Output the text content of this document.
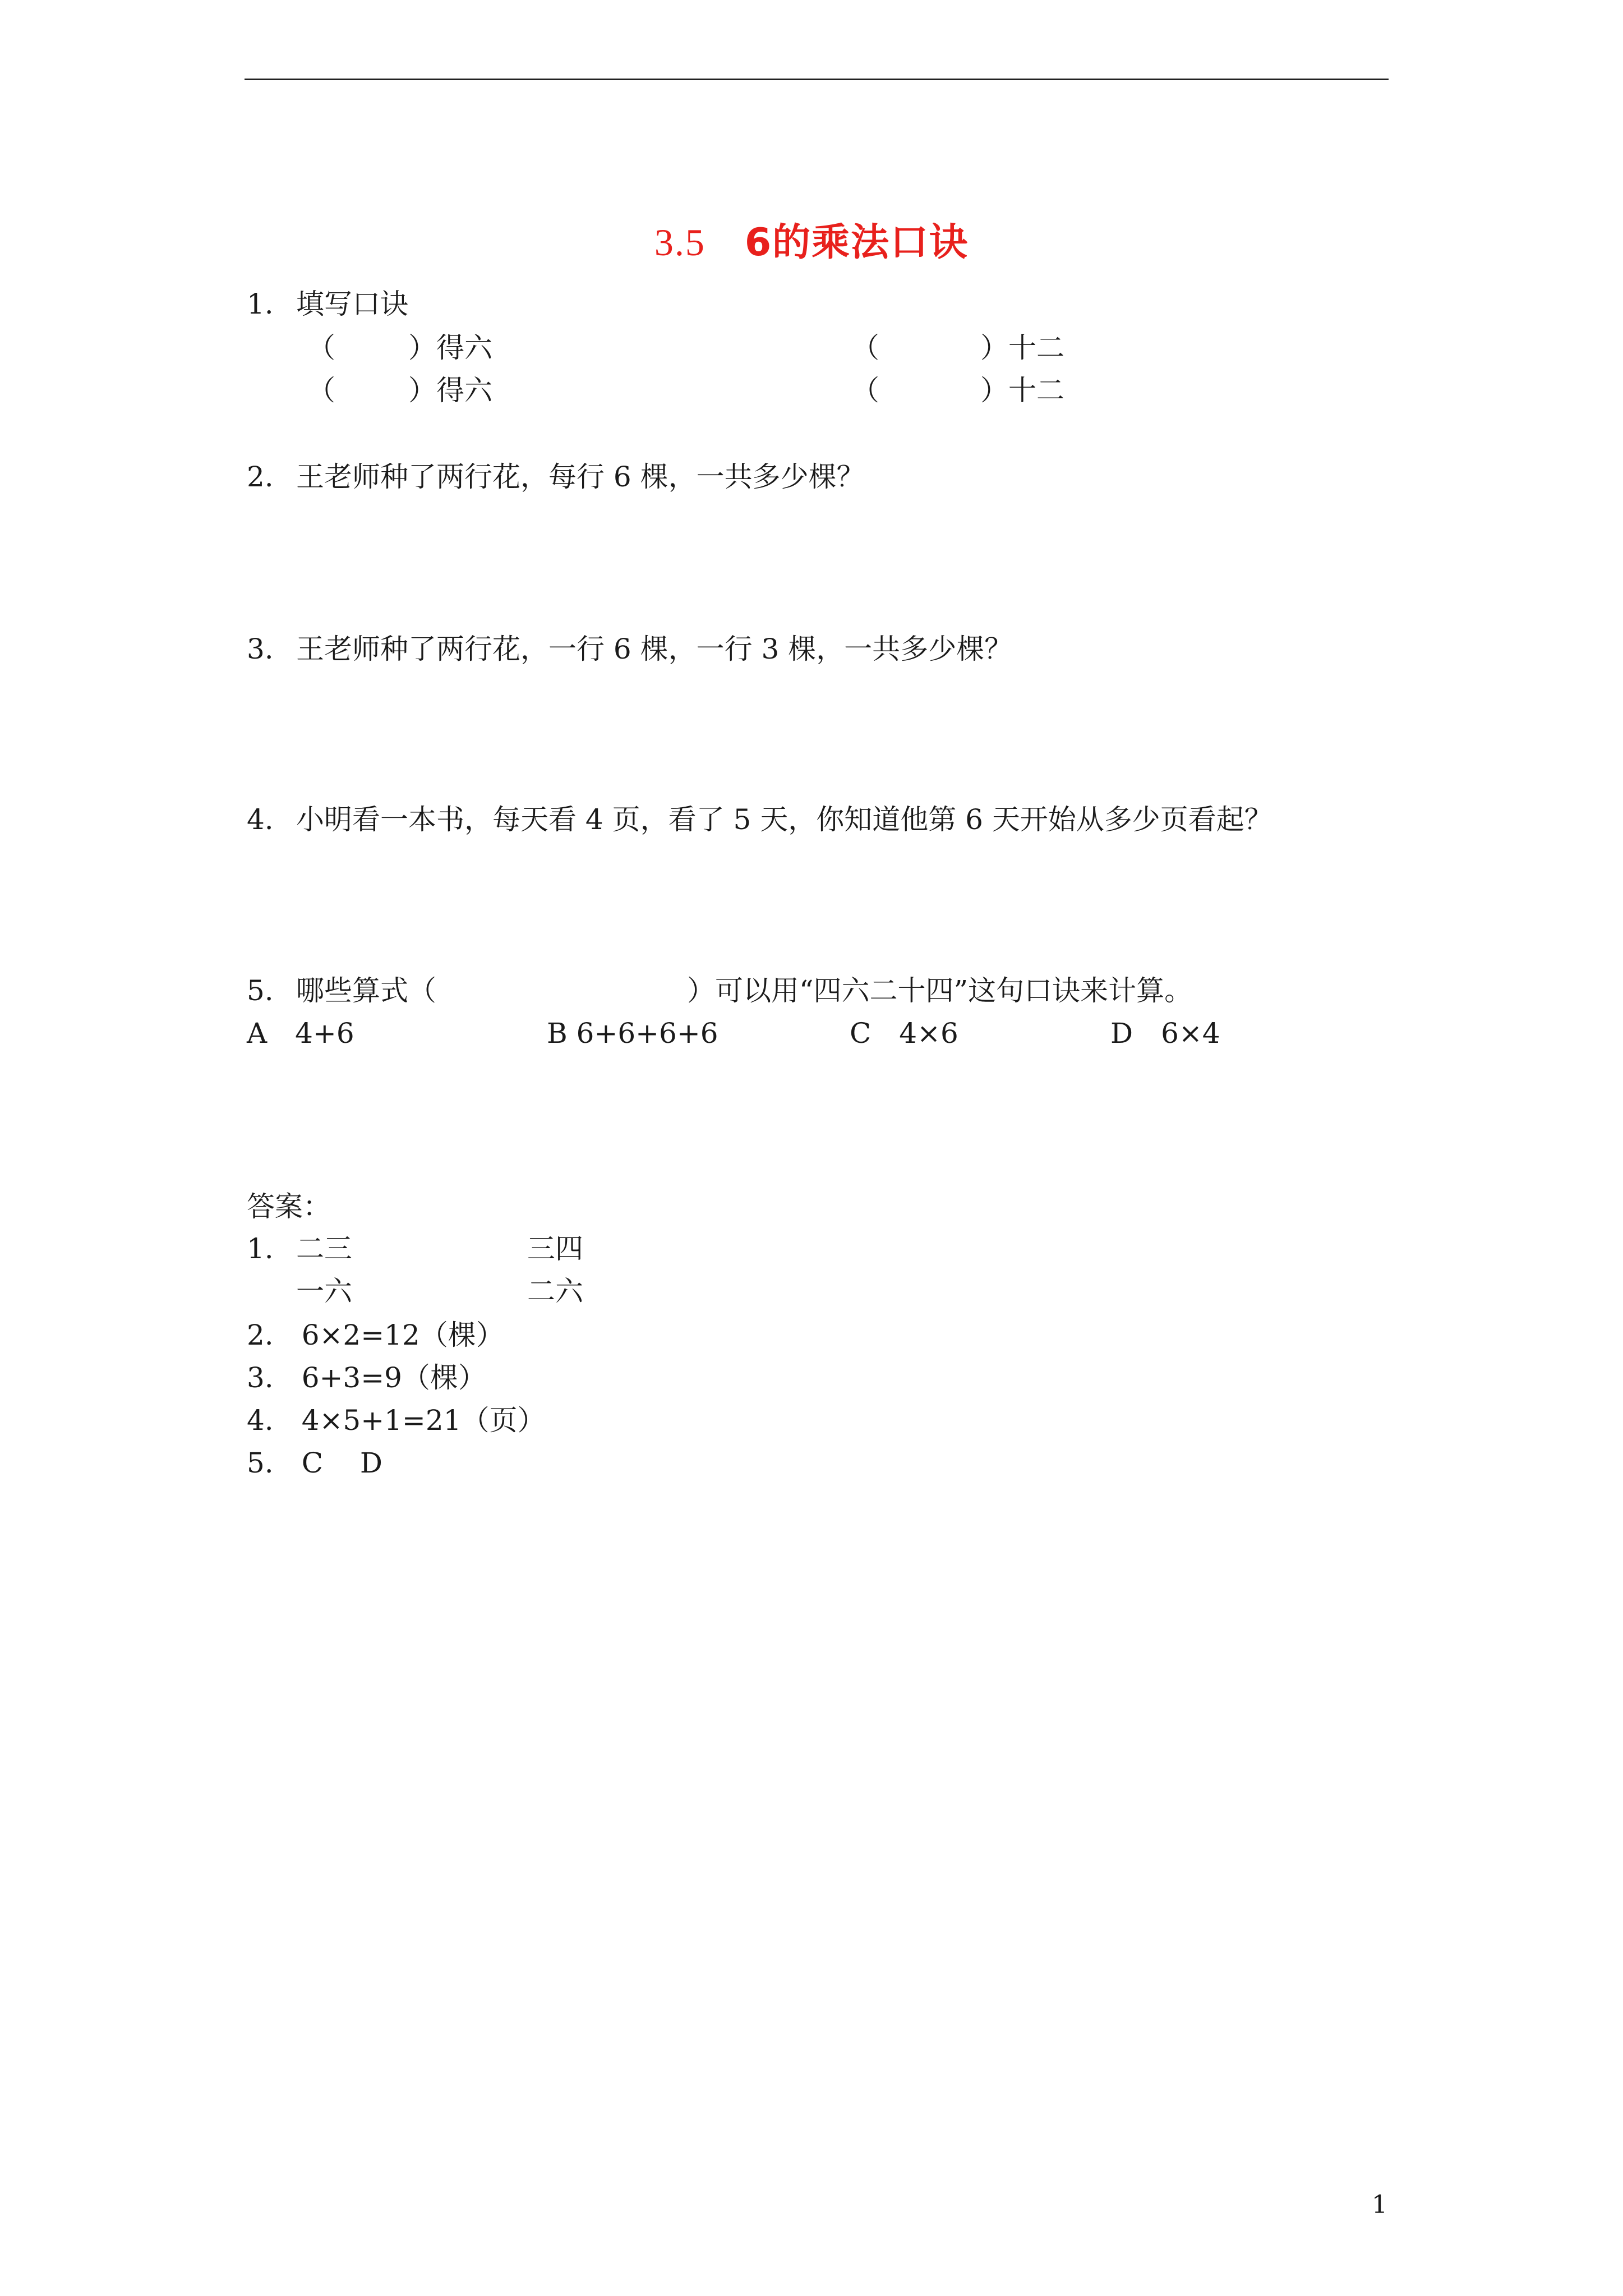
3.5 6的乘法口诀
1. 填写口诀
（	）得六	（	）十二
（	）得六	（	）十二
2. 王老师种了两行花，每行 6 棵，一共多少棵？
3. 王老师种了两行花，一行 6 棵，一行 3 棵，一共多少棵？
4. 小明看一本书，每天看 4 页，看了 5 天，你知道他第 6 天开始从多少页看起？
5. 哪些算式（	）可以用“四六二十四”这句口诀来计算。
A　4+6	B 6+6+6+6	C　4×6	D　6×4
答案：
1. 二三	三四
一六	二六
2.　6×2=12（棵）
3.　6+3=9（棵）
4.　4×5+1=21（页）
5.　C　 D
1
